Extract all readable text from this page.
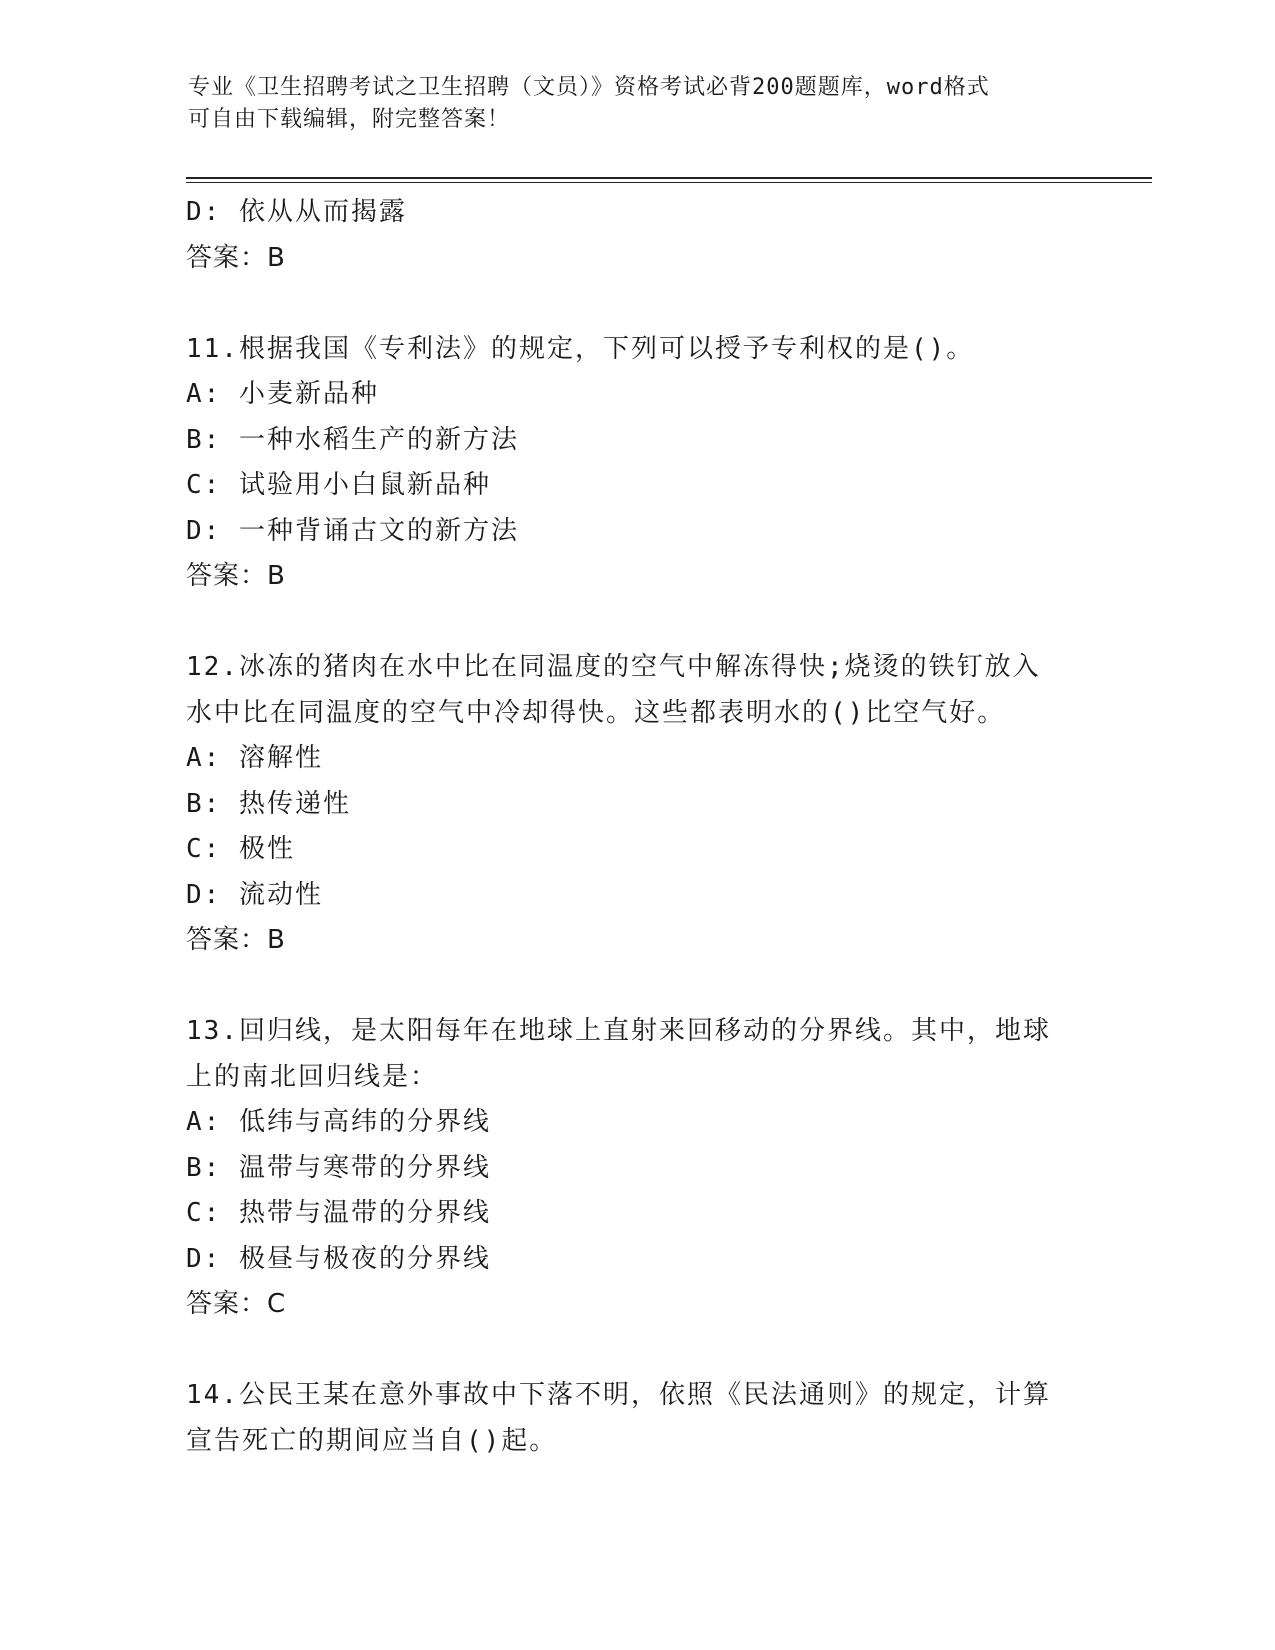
专业《卫生招聘考试之卫生招聘（文员）》资格考试必背200题题库，word格式
可自由下载编辑，附完整答案！
D: 依从从而揭露
答案：B
11.根据我国《专利法》的规定，下列可以授予专利权的是()。
A: 小麦新品种
B: 一种水稻生产的新方法
C: 试验用小白鼠新品种
D: 一种背诵古文的新方法
答案：B
12.冰冻的猪肉在水中比在同温度的空气中解冻得快;烧烫的铁钉放入
水中比在同温度的空气中冷却得快。这些都表明水的()比空气好。
A: 溶解性
B: 热传递性
C: 极性
D: 流动性
答案：B
13.回归线，是太阳每年在地球上直射来回移动的分界线。其中，地球
上的南北回归线是：
A: 低纬与高纬的分界线
B: 温带与寒带的分界线
C: 热带与温带的分界线
D: 极昼与极夜的分界线
答案：C
14.公民王某在意外事故中下落不明，依照《民法通则》的规定，计算
宣告死亡的期间应当自()起。
